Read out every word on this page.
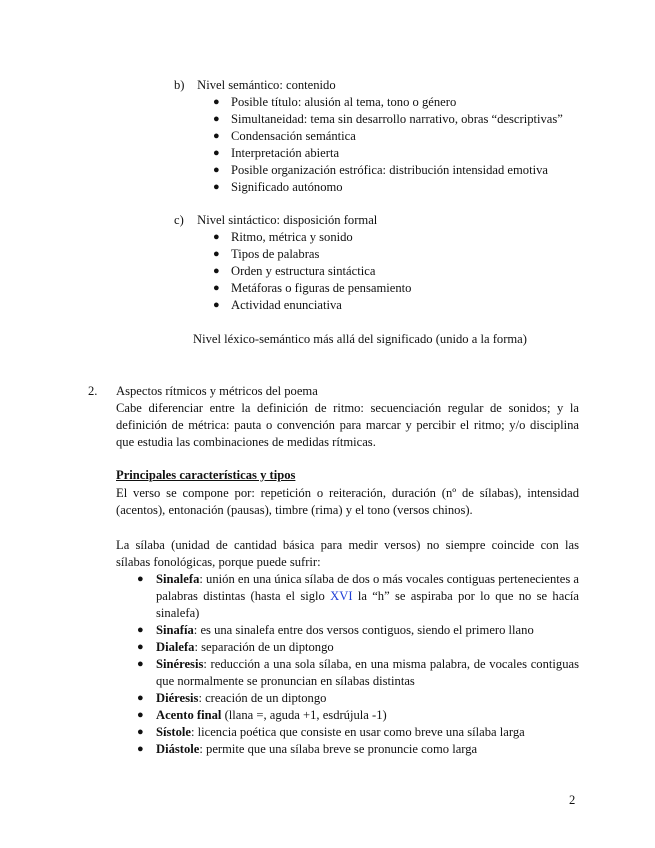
b) Nivel semántico: contenido
● Posible título: alusión al tema, tono o género
● Simultaneidad: tema sin desarrollo narrativo, obras “descriptivas”
● Condensación semántica
● Interpretación abierta
● Posible organización estrófica: distribución intensidad emotiva
● Significado autónomo
c) Nivel sintáctico: disposición formal
● Ritmo, métrica y sonido
● Tipos de palabras
● Orden y estructura sintáctica
● Metáforas o figuras de pensamiento
● Actividad enunciativa
Nivel léxico-semántico más allá del significado (unido a la forma)
2. Aspectos rítmicos y métricos del poema
Cabe diferenciar entre la definición de ritmo: secuenciación regular de sonidos; y la
definición de métrica: pauta o convención para marcar y percibir el ritmo; y/o disciplina
que estudia las combinaciones de medidas rítmicas.
Principales características y tipos
El verso se compone por: repetición o reiteración, duración (nº de sílabas), intensidad
(acentos), entonación (pausas), timbre (rima) y el tono (versos chinos).
La sílaba (unidad de cantidad básica para medir versos) no siempre coincide con las
sílabas fonológicas, porque puede sufrir:
● Sinalefa: unión en una única sílaba de dos o más vocales contiguas pertenecientes a palabras distintas (hasta el siglo XVI la “h” se aspiraba por lo que no se hacía sinalefa)
● Sinafía: es una sinalefa entre dos versos contiguos, siendo el primero llano
● Dialefa: separación de un diptongo
● Sinéresis: reducción a una sola sílaba, en una misma palabra, de vocales contiguas que normalmente se pronuncian en sílabas distintas
● Diéresis: creación de un diptongo
● Acento final (llana =, aguda +1, esdrújula -1)
● Sístole: licencia poética que consiste en usar como breve una sílaba larga
● Diástole: permite que una sílaba breve se pronuncie como larga
2
